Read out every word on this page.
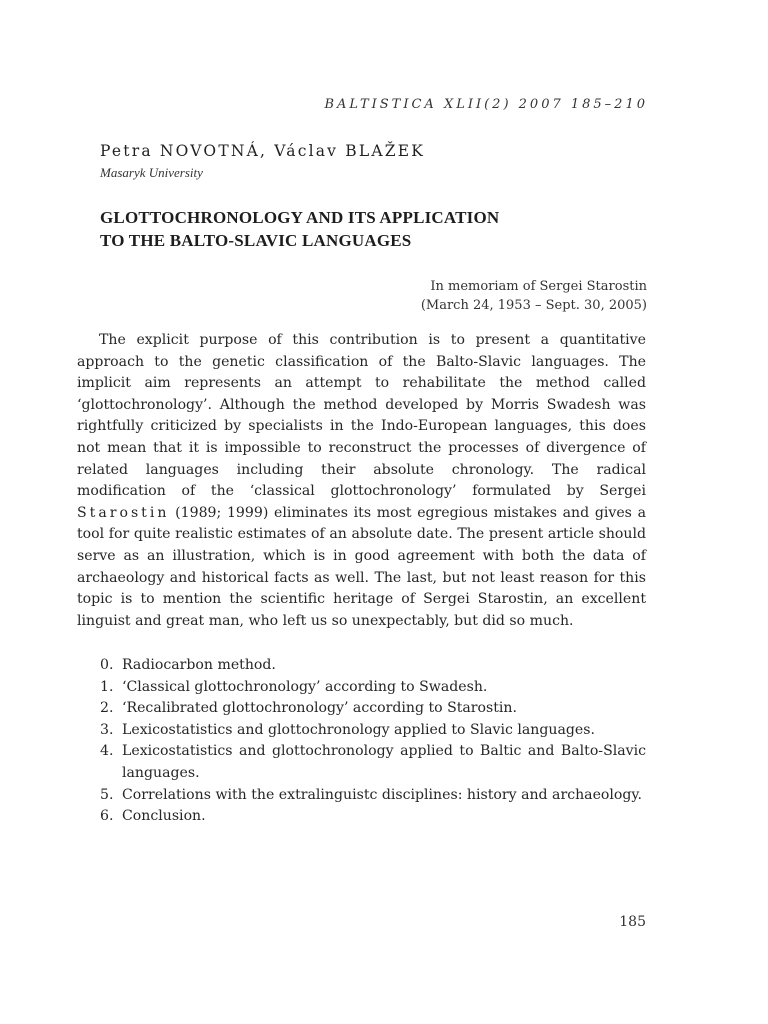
BALTISTICA XLII(2) 2007 185–210
Petra NOVOTNÁ, Václav BLAŽEK
Masaryk University
GLOTTOCHRONOLOGY AND ITS APPLICATION
TO THE BALTO-SLAVIC LANGUAGES
In memoriam of Sergei Starostin
(March 24, 1953 – Sept. 30, 2005)

The explicit purpose of this contribution is to present a quantitative approach to the genetic classification of the Balto-Slavic languages. The implicit aim represents an attempt to rehabilitate the method called ‘glottochronology’. Although the method developed by Morris Swadesh was rightfully criticized by specialists in the Indo-European languages, this does not mean that it is impossible to reconstruct the processes of divergence of related languages including their absolute chronology. The radical modification of the ‘classical glottochronology’ formulated by Sergei Starostin (1989; 1999) eliminates its most egregious mistakes and gives a tool for quite realistic estimates of an absolute date. The present article should serve as an illustration, which is in good agreement with both the data of archaeology and historical facts as well. The last, but not least reason for this topic is to mention the scientific heritage of Sergei Starostin, an excellent linguist and great man, who left us so unexpectably, but did so much.

0. Radiocarbon method.
1. ‘Classical glottochronology’ according to Swadesh.
2. ‘Recalibrated glottochronology’ according to Starostin.
3. Lexicostatistics and glottochronology applied to Slavic languages.
4. Lexicostatistics and glottochronology applied to Baltic and Balto-Slavic languages.
5. Correlations with the extralinguistc disciplines: history and archaeology.
6. Conclusion.
185
